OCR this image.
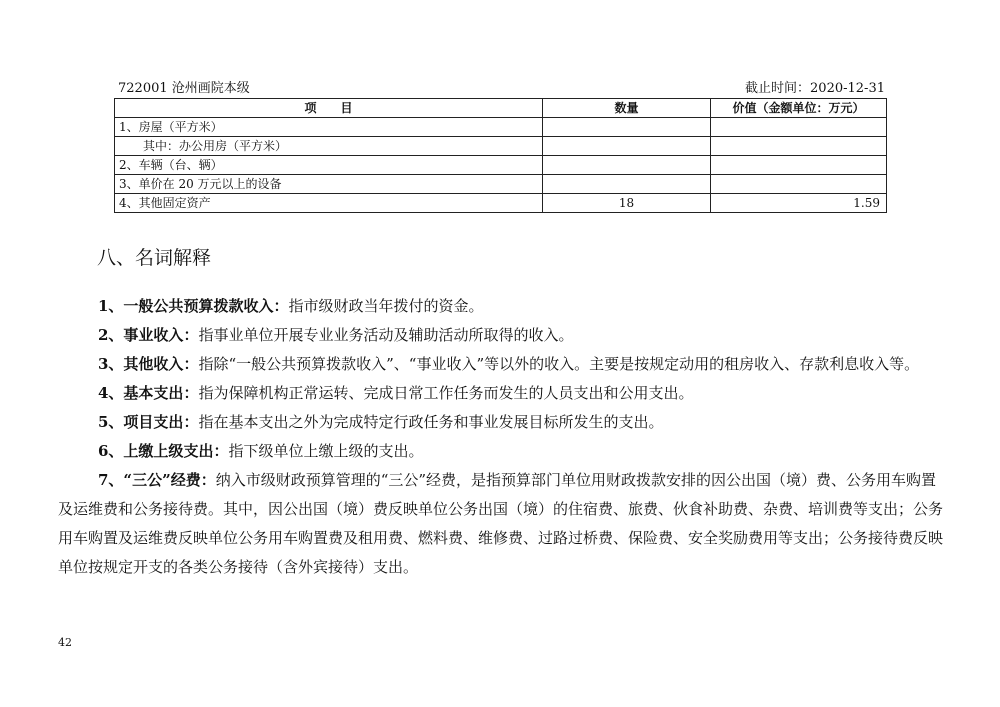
722001 沧州画院本级	截止时间：2020-12-31
项　　目	数量	价值（金额单位：万元）
1、房屋（平方米）		
其中：办公用房（平方米）		
2、车辆（台、辆）		
3、单价在 20 万元以上的设备		
4、其他固定资产	18	1.59
八、名词解释

1、一般公共预算拨款收入：指市级财政当年拨付的资金。

2、事业收入：指事业单位开展专业业务活动及辅助活动所取得的收入。

3、其他收入：指除“一般公共预算拨款收入”、“事业收入”等以外的收入。主要是按规定动用的租房收入、存款利息收入等。

4、基本支出：指为保障机构正常运转、完成日常工作任务而发生的人员支出和公用支出。

5、项目支出：指在基本支出之外为完成特定行政任务和事业发展目标所发生的支出。

6、上缴上级支出：指下级单位上缴上级的支出。

7、“三公”经费：纳入市级财政预算管理的“三公”经费，是指预算部门单位用财政拨款安排的因公出国（境）费、公务用车购置及运维费和公务接待费。其中，因公出国（境）费反映单位公务出国（境）的住宿费、旅费、伙食补助费、杂费、培训费等支出；公务用车购置及运维费反映单位公务用车购置费及租用费、燃料费、维修费、过路过桥费、保险费、安全奖励费用等支出；公务接待费反映单位按规定开支的各类公务接待（含外宾接待）支出。

42
